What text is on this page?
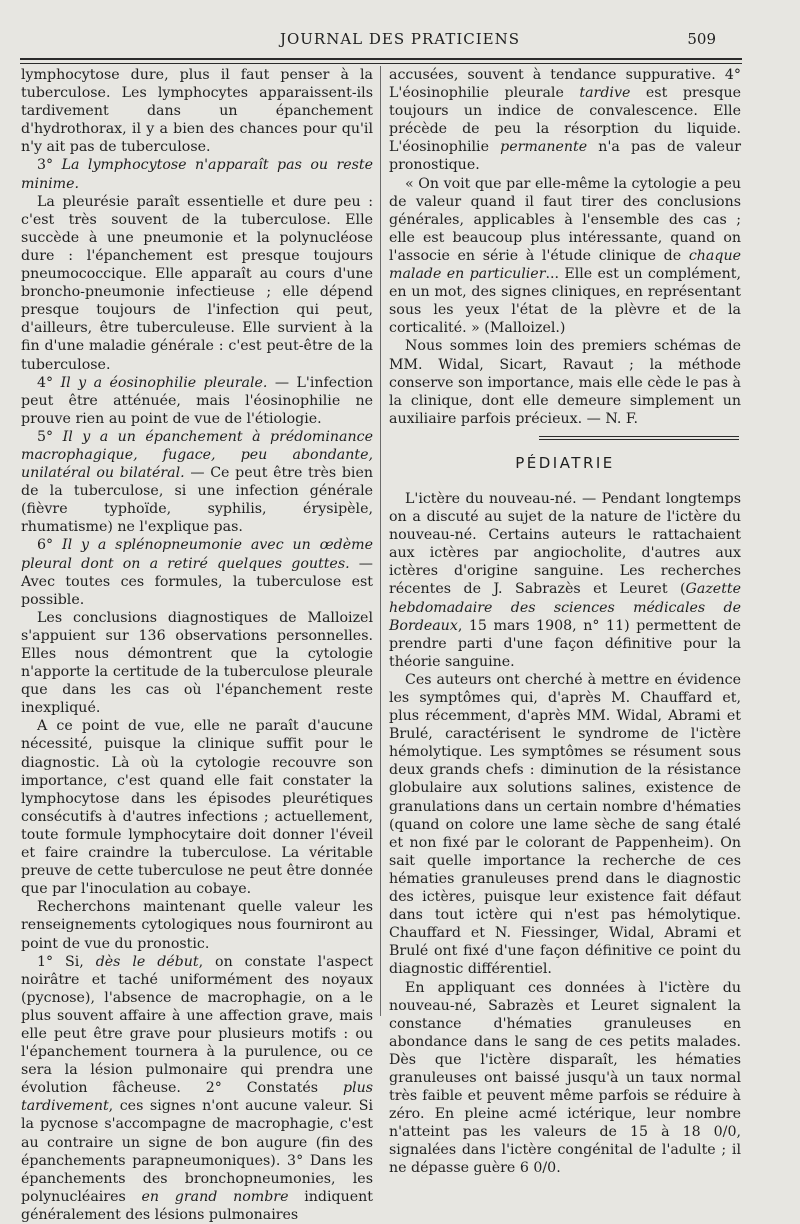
JOURNAL DES PRATICIENS	509

lymphocytose dure, plus il faut penser à la tuberculose. Les lymphocytes apparaissent-ils tardivement dans un épanchement d'hydrothorax, il y a bien des chances pour qu'il n'y ait pas de tuberculose.

3° La lymphocytose n'apparaît pas ou reste minime.

La pleurésie paraît essentielle et dure peu : c'est très souvent de la tuberculose. Elle succède à une pneumonie et la polynucléose dure : l'épanchement est presque toujours pneumococcique. Elle apparaît au cours d'une broncho-pneumonie infectieuse ; elle dépend presque toujours de l'infection qui peut, d'ailleurs, être tuberculeuse. Elle survient à la fin d'une maladie générale : c'est peut-être de la tuberculose.

4° Il y a éosinophilie pleurale. — L'infection peut être atténuée, mais l'éosinophilie ne prouve rien au point de vue de l'étiologie.

5° Il y a un épanchement à prédominance macrophagique, fugace, peu abondante, unilatéral ou bilatéral. — Ce peut être très bien de la tuberculose, si une infection générale (fièvre typhoïde, syphilis, érysipèle, rhumatisme) ne l'explique pas.

6° Il y a splénopneumonie avec un œdème pleural dont on a retiré quelques gouttes. — Avec toutes ces formules, la tuberculose est possible.

Les conclusions diagnostiques de Malloizel s'appuient sur 136 observations personnelles. Elles nous démontrent que la cytologie n'apporte la certitude de la tuberculose pleurale que dans les cas où l'épanchement reste inexpliqué.

A ce point de vue, elle ne paraît d'aucune nécessité, puisque la clinique suffit pour le diagnostic. Là où la cytologie recouvre son importance, c'est quand elle fait constater la lymphocytose dans les épisodes pleurétiques consécutifs à d'autres infections ; actuellement, toute formule lymphocytaire doit donner l'éveil et faire craindre la tuberculose. La véritable preuve de cette tuberculose ne peut être donnée que par l'inoculation au cobaye.

Recherchons maintenant quelle valeur les renseignements cytologiques nous fourniront au point de vue du pronostic.

1° Si, dès le début, on constate l'aspect noirâtre et taché uniformément des noyaux (pycnose), l'absence de macrophagie, on a le plus souvent affaire à une affection grave, mais elle peut être grave pour plusieurs motifs : ou l'épanchement tournera à la purulence, ou ce sera la lésion pulmonaire qui prendra une évolution fâcheuse. 2° Constatés plus tardivement, ces signes n'ont aucune valeur. Si la pycnose s'accompagne de macrophagie, c'est au contraire un signe de bon augure (fin des épanchements parapneumoniques). 3° Dans les épanchements des bronchopneumonies, les polynucléaires en grand nombre indiquent généralement des lésions pulmonaires

accusées, souvent à tendance suppurative. 4° L'éosinophilie pleurale tardive est presque toujours un indice de convalescence. Elle précède de peu la résorption du liquide. L'éosinophilie permanente n'a pas de valeur pronostique.

« On voit que par elle-même la cytologie a peu de valeur quand il faut tirer des conclusions générales, applicables à l'ensemble des cas ; elle est beaucoup plus intéressante, quand on l'associe en série à l'étude clinique de chaque malade en particulier... Elle est un complément, en un mot, des signes cliniques, en représentant sous les yeux l'état de la plèvre et de la corticalité. » (Malloizel.)

Nous sommes loin des premiers schémas de MM. Widal, Sicart, Ravaut ; la méthode conserve son importance, mais elle cède le pas à la clinique, dont elle demeure simplement un auxiliaire parfois précieux. — N. F.

PÉDIATRIE

L'ictère du nouveau-né. — Pendant longtemps on a discuté au sujet de la nature de l'ictère du nouveau-né. Certains auteurs le rattachaient aux ictères par angiocholite, d'autres aux ictères d'origine sanguine. Les recherches récentes de J. Sabrazès et Leuret (Gazette hebdomadaire des sciences médicales de Bordeaux, 15 mars 1908, n° 11) permettent de prendre parti d'une façon définitive pour la théorie sanguine.

Ces auteurs ont cherché à mettre en évidence les symptômes qui, d'après M. Chauffard et, plus récemment, d'après MM. Widal, Abrami et Brulé, caractérisent le syndrome de l'ictère hémolytique. Les symptômes se résument sous deux grands chefs : diminution de la résistance globulaire aux solutions salines, existence de granulations dans un certain nombre d'hématies (quand on colore une lame sèche de sang étalé et non fixé par le colorant de Pappenheim). On sait quelle importance la recherche de ces hématies granuleuses prend dans le diagnostic des ictères, puisque leur existence fait défaut dans tout ictère qui n'est pas hémolytique. Chauffard et N. Fiessinger, Widal, Abrami et Brulé ont fixé d'une façon définitive ce point du diagnostic différentiel.

En appliquant ces données à l'ictère du nouveau-né, Sabrazès et Leuret signalent la constance d'hématies granuleuses en abondance dans le sang de ces petits malades. Dès que l'ictère disparaît, les hématies granuleuses ont baissé jusqu'à un taux normal très faible et peuvent même parfois se réduire à zéro. En pleine acmé ictérique, leur nombre n'atteint pas les valeurs de 15 à 18 0/0, signalées dans l'ictère congénital de l'adulte ; il ne dépasse guère 6 0/0.
